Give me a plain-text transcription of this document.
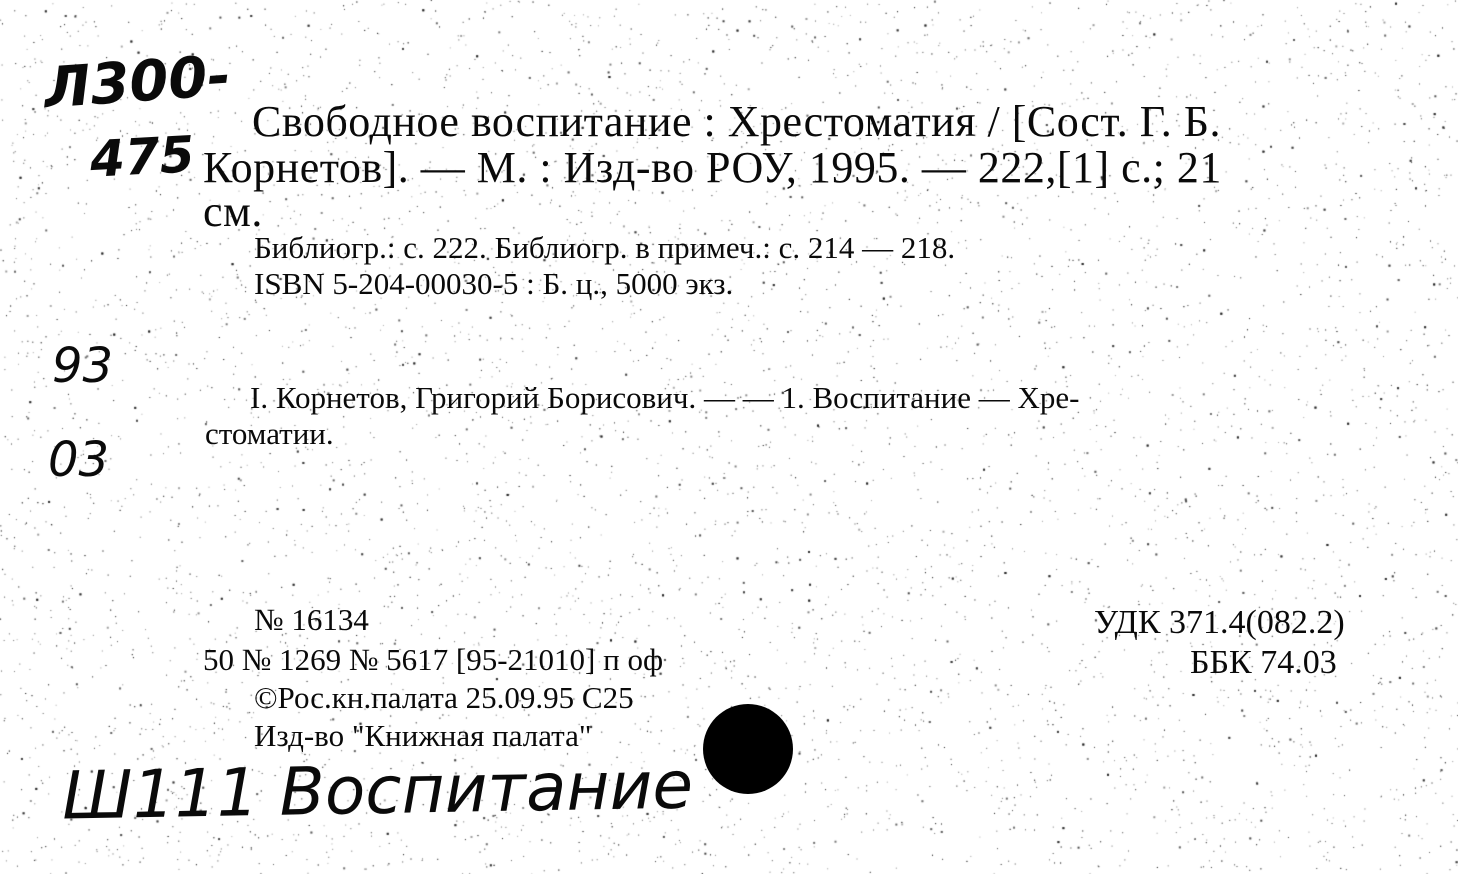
Л300-
475
Свободное воспитание : Хрестоматия / [Сост. Г. Б.
Корнетов]. — М. : Изд-во РОУ, 1995. — 222,[1] с.; 21
см.
Библиогр.: с. 222. Библиогр. в примеч.: с. 214 — 218.
ISBN 5-204-00030-5 : Б. ц., 5000 экз.
93
03
I. Корнетов, Григорий Борисович. — — 1. Воспитание — Хре-
стоматии.
№ 16134
50 № 1269 № 5617 [95-21010] п оф
©Рос.кн.палата 25.09.95 С25
Изд-во "Книжная палата"
УДК 371.4(082.2)
ББК 74.03
Ш111 Воспитание
